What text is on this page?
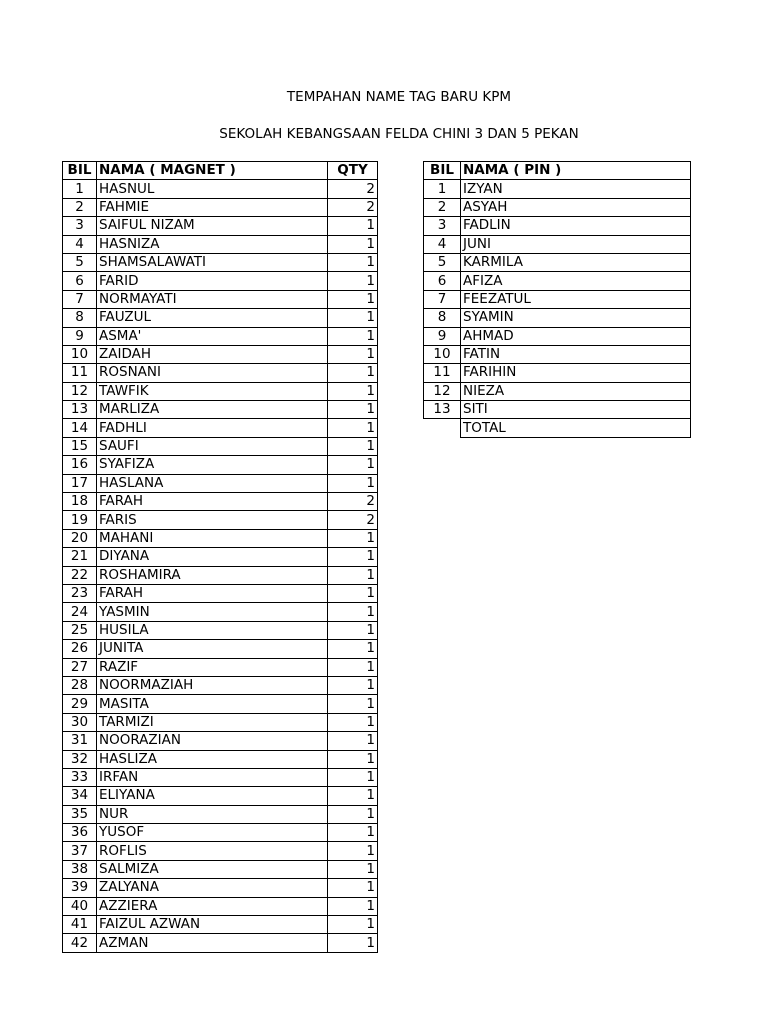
TEMPAHAN NAME TAG BARU KPM
SEKOLAH KEBANGSAAN FELDA CHINI 3 DAN 5 PEKAN
BIL	NAMA ( MAGNET )	QTY
1	HASNUL	2
2	FAHMIE	2
3	SAIFUL NIZAM	1
4	HASNIZA	1
5	SHAMSALAWATI	1
6	FARID	1
7	NORMAYATI	1
8	FAUZUL	1
9	ASMA'	1
10	ZAIDAH	1
11	ROSNANI	1
12	TAWFIK	1
13	MARLIZA	1
14	FADHLI	1
15	SAUFI	1
16	SYAFIZA	1
17	HASLANA	1
18	FARAH	2
19	FARIS	2
20	MAHANI	1
21	DIYANA	1
22	ROSHAMIRA	1
23	FARAH	1
24	YASMIN	1
25	HUSILA	1
26	JUNITA	1
27	RAZIF	1
28	NOORMAZIAH	1
29	MASITA	1
30	TARMIZI	1
31	NOORAZIAN	1
32	HASLIZA	1
33	IRFAN	1
34	ELIYANA	1
35	NUR	1
36	YUSOF	1
37	ROFLIS	1
38	SALMIZA	1
39	ZALYANA	1
40	AZZIERA	1
41	FAIZUL AZWAN	1
42	AZMAN	1
BIL	NAMA ( PIN )
1	IZYAN
2	ASYAH
3	FADLIN
4	JUNI
5	KARMILA
6	AFIZA
7	FEEZATUL
8	SYAMIN
9	AHMAD
10	FATIN
11	FARIHIN
12	NIEZA
13	SITI
	TOTAL
